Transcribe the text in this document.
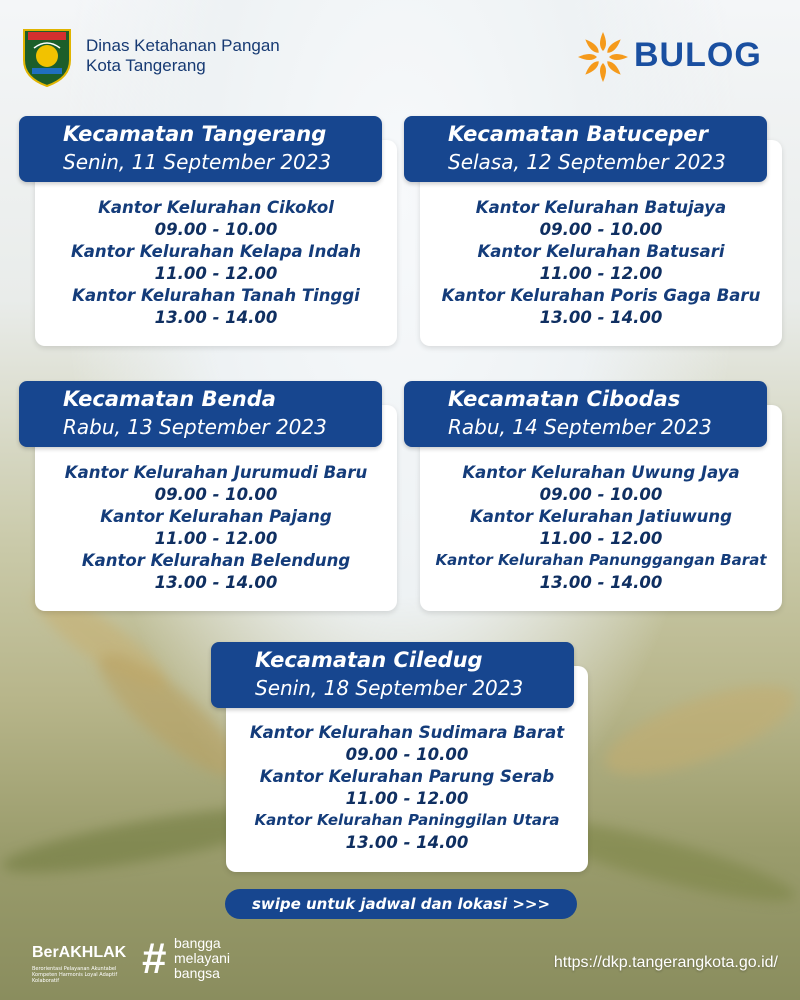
Dinas Ketahanan Pangan
Kota Tangerang	BULOG
Kecamatan Tangerang
Senin, 11 September 2023
Kantor Kelurahan Cikokol
09.00 - 10.00
Kantor Kelurahan Kelapa Indah
11.00 - 12.00
Kantor Kelurahan Tanah Tinggi
13.00 - 14.00
Kecamatan Batuceper
Selasa, 12 September 2023
Kantor Kelurahan Batujaya
09.00 - 10.00
Kantor Kelurahan Batusari
11.00 - 12.00
Kantor Kelurahan Poris Gaga Baru
13.00 - 14.00
Kecamatan Benda
Rabu, 13 September 2023
Kantor Kelurahan Jurumudi Baru
09.00 - 10.00
Kantor Kelurahan Pajang
11.00 - 12.00
Kantor Kelurahan Belendung
13.00 - 14.00
Kecamatan Cibodas
Rabu, 14 September 2023
Kantor Kelurahan Uwung Jaya
09.00 - 10.00
Kantor Kelurahan Jatiuwung
11.00 - 12.00
Kantor Kelurahan Panunggangan Barat
13.00 - 14.00
Kecamatan Ciledug
Senin, 18 September 2023
Kantor Kelurahan Sudimara Barat
09.00 - 10.00
Kantor Kelurahan Parung Serab
11.00 - 12.00
Kantor Kelurahan Paninggilan Utara
13.00 - 14.00
swipe untuk jadwal dan lokasi >>>
BerAKHLAK
Berorientasi Pelayanan Akuntabel Kompeten Harmonis Loyal Adaptif Kolaboratif	# bangga
melayani
bangsa
https://dkp.tangerangkota.go.id/
